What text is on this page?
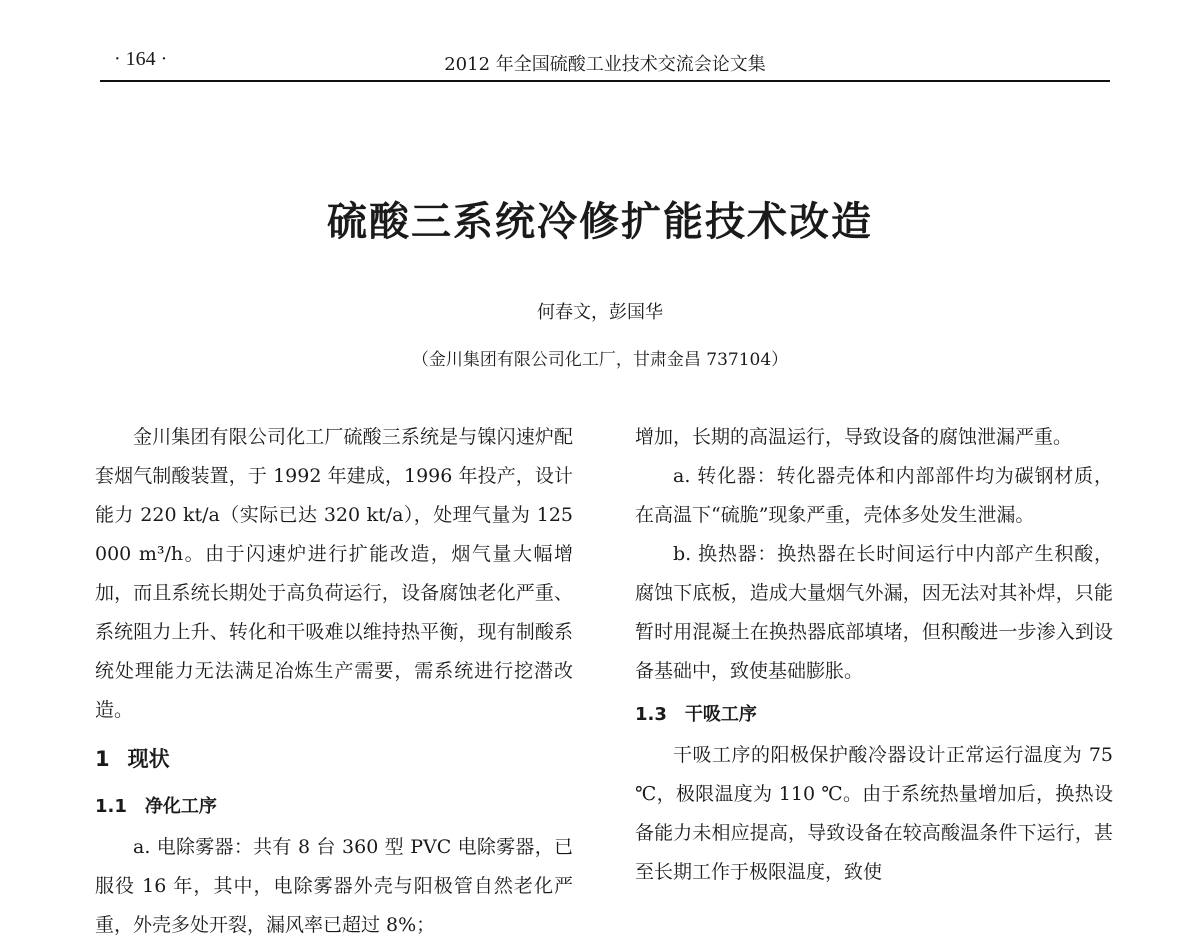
· 164 ·	2012 年全国硫酸工业技术交流会论文集
硫酸三系统冷修扩能技术改造
何春文，彭国华
（金川集团有限公司化工厂，甘肃金昌 737104）

金川集团有限公司化工厂硫酸三系统是与镍闪速炉配套烟气制酸装置，于 1992 年建成，1996 年投产，设计能力 220 kt/a（实际已达 320 kt/a），处理气量为 125 000 m³/h。由于闪速炉进行扩能改造，烟气量大幅增加，而且系统长期处于高负荷运行，设备腐蚀老化严重、系统阻力上升、转化和干吸难以维持热平衡，现有制酸系统处理能力无法满足冶炼生产需要，需系统进行挖潜改造。

1 现状
1.1 净化工序

a. 电除雾器：共有 8 台 360 型 PVC 电除雾器，已服役 16 年，其中，电除雾器外壳与阳极管自然老化严重，外壳多处开裂，漏风率已超过 8%；

增加，长期的高温运行，导致设备的腐蚀泄漏严重。

a. 转化器：转化器壳体和内部部件均为碳钢材质，在高温下“硫脆”现象严重，壳体多处发生泄漏。

b. 换热器：换热器在长时间运行中内部产生积酸，腐蚀下底板，造成大量烟气外漏，因无法对其补焊，只能暂时用混凝土在换热器底部填堵，但积酸进一步渗入到设备基础中，致使基础膨胀。

1.3 干吸工序

干吸工序的阳极保护酸冷器设计正常运行温度为 75 ℃，极限温度为 110 ℃。由于系统热量增加后，换热设备能力未相应提高，导致设备在较高酸温条件下运行，甚至长期工作于极限温度，致使
